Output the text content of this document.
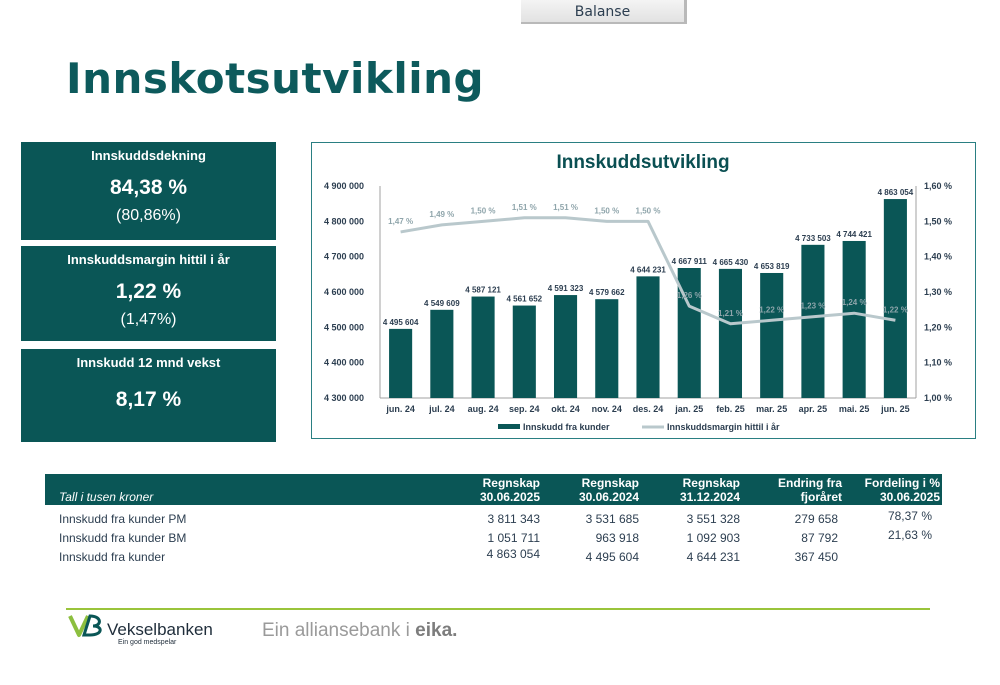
Balanse
Innskotsutvikling
Innskuddsdekning
84,38 %
(80,86%)
Innskuddsmargin hittil i år
1,22 %
(1,47%)
Innskudd 12 mnd vekst
8,17 %
Innskuddsutvikling
4 300 000
4 400 000
4 500 000
4 600 000
4 700 000
4 800 000
4 900 000
1,00 %
1,10 %
1,20 %
1,30 %
1,40 %
1,50 %
1,60 %
4 495 604
4 549 609
4 587 121
4 561 652
4 591 323 4 579 662
4 644 231
4 667 911 4 665 430 4 653 819
4 733 503 4 744 421
4 863 054
jun. 24 jul. 24 aug. 24 sep. 24 okt. 24 nov. 24 des. 24 jan. 25 feb. 25 mar. 25 apr. 25 mai. 25 jun. 25
1,47 %
1,49 % 1,50 % 1,51 % 1,51 % 1,50 % 1,50 %
1,26 %
1,21 % 1,22 % 1,23 % 1,24 %
1,22 %
Innskudd fra kunder	Innskuddsmargin hittil i år
Tall i tusen kroner
Regnskap
30.06.2025
Regnskap
30.06.2024
Regnskap
31.12.2024
Endring fra
fjoråret
Fordeling i %
30.06.2025
Innskudd fra kunder PM	3 811 343	3 531 685	3 551 328	279 658	78,37 %
Innskudd fra kunder BM	1 051 711	963 918	1 092 903	87 792	21,63 %
Innskudd fra kunder	4 863 054	4 495 604	4 644 231	367 450
Vekselbanken
Ein god medspelar
Ein alliansebank i eika.
